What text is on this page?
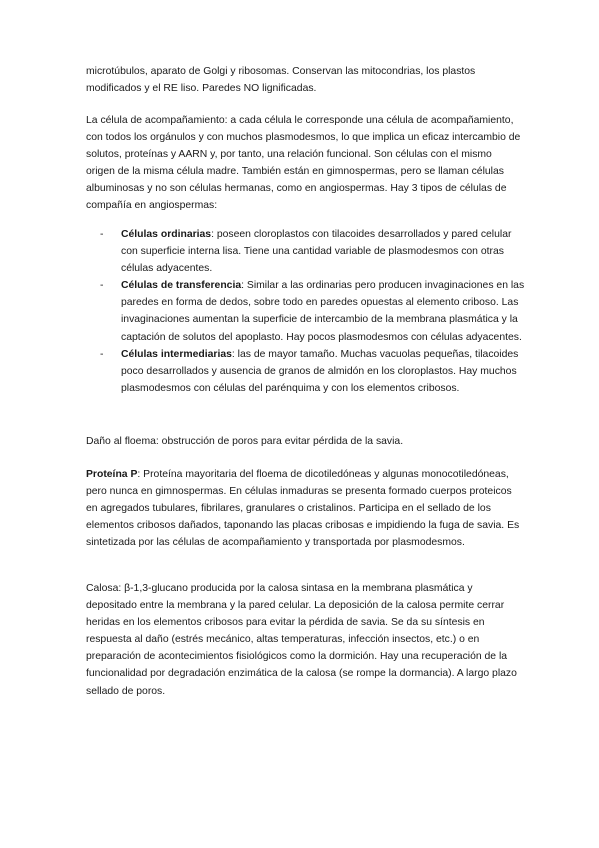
microtúbulos, aparato de Golgi y ribosomas. Conservan las mitocondrias, los plastos modificados y el RE liso. Paredes NO lignificadas.

La célula de acompañamiento: a cada célula le corresponde una célula de acompañamiento, con todos los orgánulos y con muchos plasmodesmos, lo que implica un eficaz intercambio de solutos, proteínas y AARN y, por tanto, una relación funcional. Son células con el mismo origen de la misma célula madre. También están en gimnospermas, pero se llaman células albuminosas y no son células hermanas, como en angiospermas. Hay 3 tipos de células de compañía en angiospermas:

- Células ordinarias: poseen cloroplastos con tilacoides desarrollados y pared celular con superficie interna lisa. Tiene una cantidad variable de plasmodesmos con otras células adyacentes.
- Células de transferencia: Similar a las ordinarias pero producen invaginaciones en las paredes en forma de dedos, sobre todo en paredes opuestas al elemento criboso. Las invaginaciones aumentan la superficie de intercambio de la membrana plasmática y la captación de solutos del apoplasto. Hay pocos plasmodesmos con células adyacentes.
- Células intermediarias: las de mayor tamaño. Muchas vacuolas pequeñas, tilacoides poco desarrollados y ausencia de granos de almidón en los cloroplastos. Hay muchos plasmodesmos con células del parénquima y con los elementos cribosos.

Daño al floema: obstrucción de poros para evitar pérdida de la savia.

Proteína P: Proteína mayoritaria del floema de dicotiledóneas y algunas monocotiledóneas, pero nunca en gimnospermas. En células inmaduras se presenta formado cuerpos proteicos en agregados tubulares, fibrilares, granulares o cristalinos. Participa en el sellado de los elementos cribosos dañados, taponando las placas cribosas e impidiendo la fuga de savia. Es sintetizada por las células de acompañamiento y transportada por plasmodesmos.

Calosa: β-1,3-glucano producida por la calosa sintasa en la membrana plasmática y depositado entre la membrana y la pared celular. La deposición de la calosa permite cerrar heridas en los elementos cribosos para evitar la pérdida de savia. Se da su síntesis en respuesta al daño (estrés mecánico, altas temperaturas, infección insectos, etc.) o en preparación de acontecimientos fisiológicos como la dormición. Hay una recuperación de la funcionalidad por degradación enzimática de la calosa (se rompe la dormancia). A largo plazo sellado de poros.
